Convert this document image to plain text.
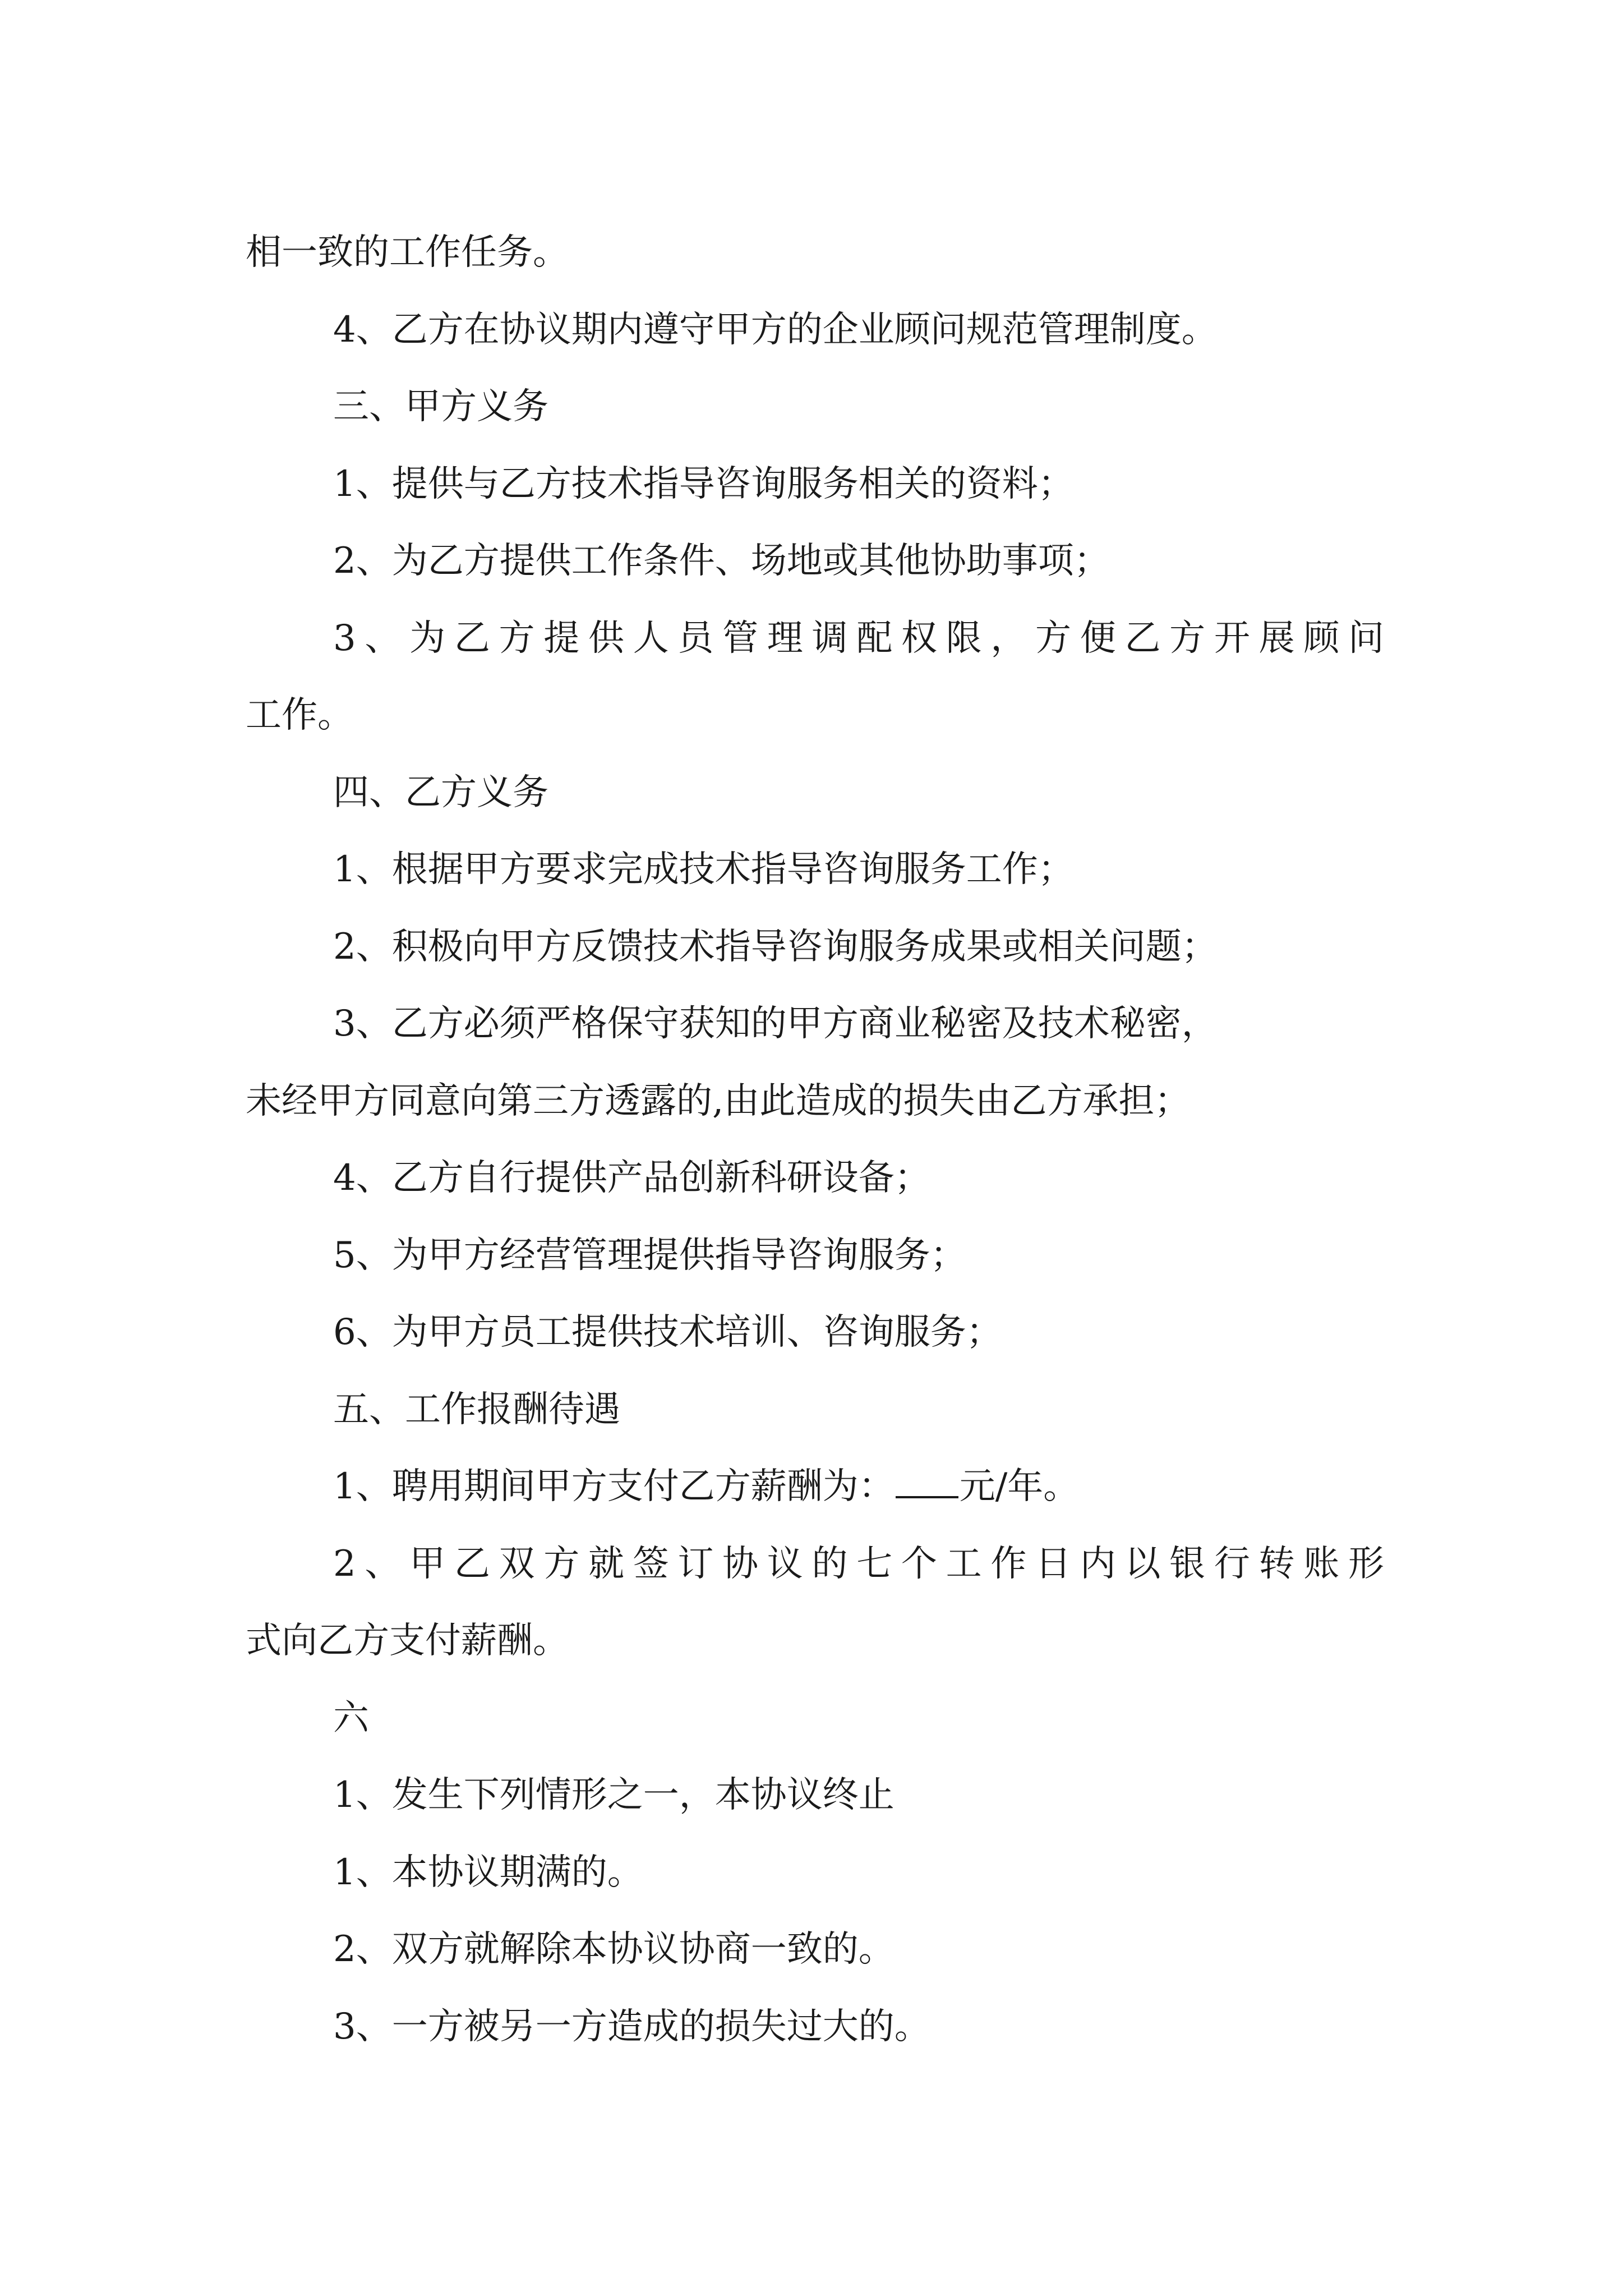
相一致的工作任务。

4、乙方在协议期内遵守甲方的企业顾问规范管理制度。

三、甲方义务

1、提供与乙方技术指导咨询服务相关的资料；

2、为乙方提供工作条件、场地或其他协助事项；

3、为乙方提供人员管理调配权限，方便乙方开展顾问

工作。

四、乙方义务

1、根据甲方要求完成技术指导咨询服务工作；

2、积极向甲方反馈技术指导咨询服务成果或相关问题；

3、乙方必须严格保守获知的甲方商业秘密及技术秘密，

未经甲方同意向第三方透露的,由此造成的损失由乙方承担；

4、乙方自行提供产品创新科研设备；

5、为甲方经营管理提供指导咨询服务；

6、为甲方员工提供技术培训、咨询服务；

五、工作报酬待遇

1、聘用期间甲方支付乙方薪酬为： 元/年。

2、甲乙双方就签订协议的七个工作日内以银行转账形

式向乙方支付薪酬。

六

1、发生下列情形之一，本协议终止

1、本协议期满的。

2、双方就解除本协议协商一致的。

3、一方被另一方造成的损失过大的。
